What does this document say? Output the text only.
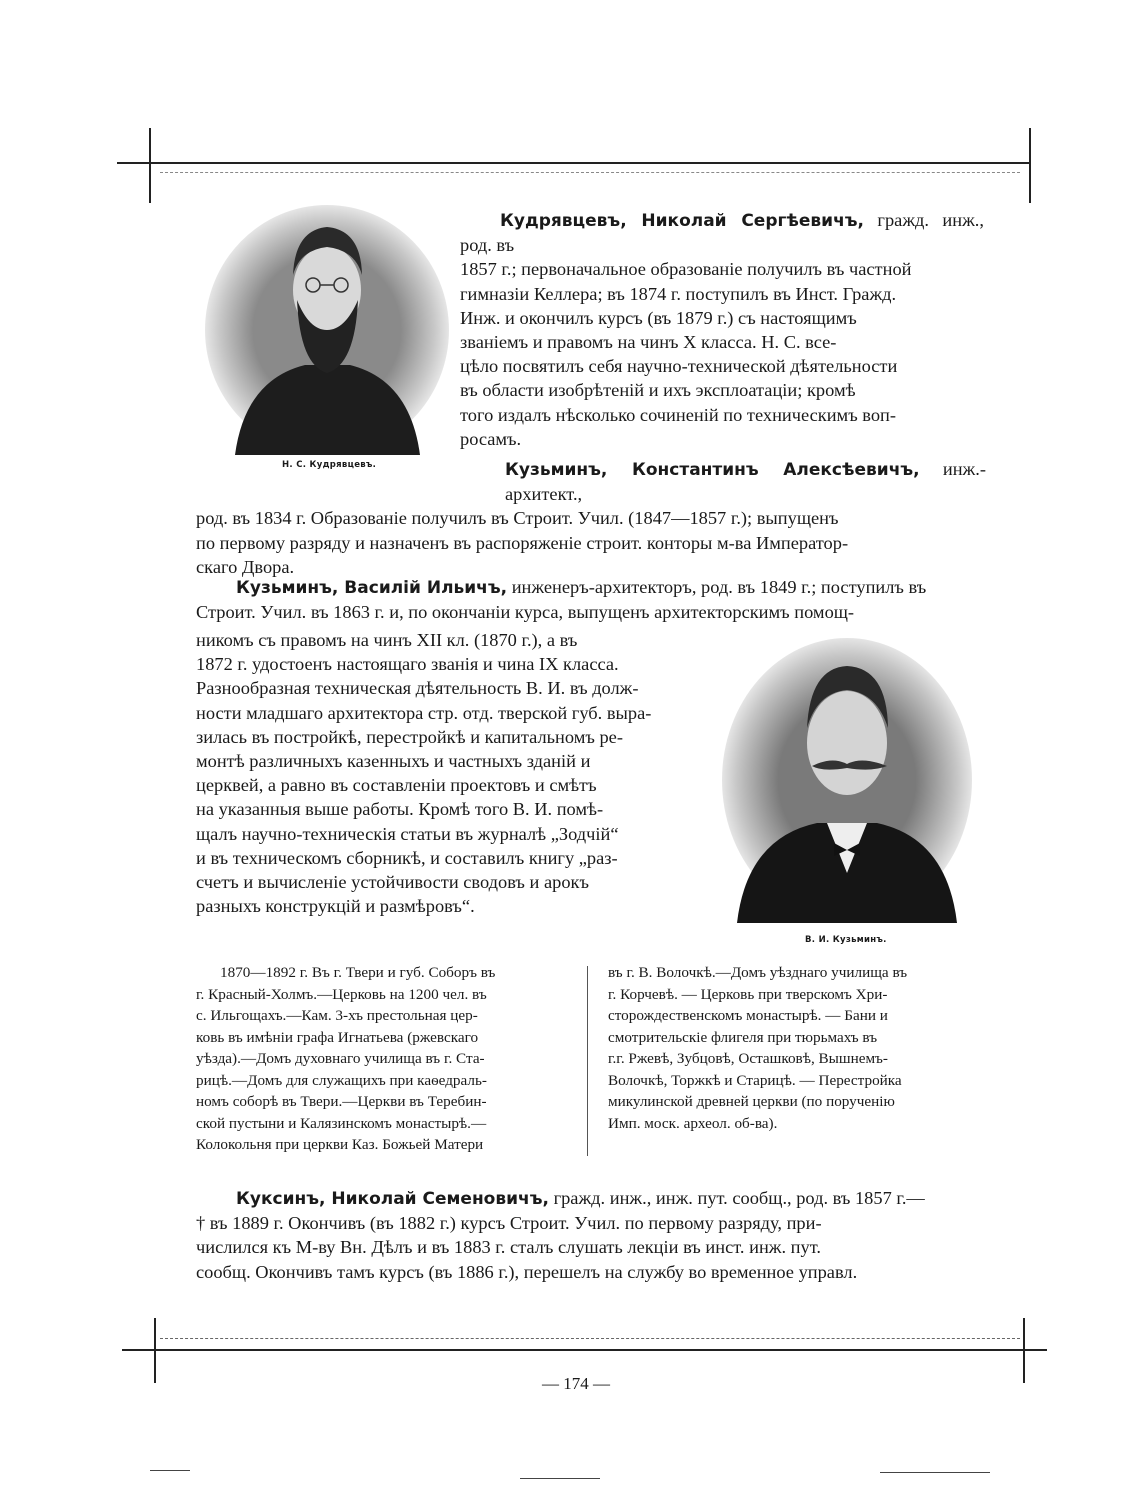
Н. С. Кудрявцевъ.

Кудрявцевъ, Николай Сергѣевичъ, гражд. инж., род. въ
1857 г.; первоначальное образованіе получилъ въ частной
гимназіи Келлера; въ 1874 г. поступилъ въ Инст. Гражд.
Инж. и окончилъ курсъ (въ 1879 г.) съ настоящимъ
званіемъ и правомъ на чинъ X класса. Н. С. все-
цѣло посвятилъ себя научно-технической дѣятельности
въ области изобрѣтеній и ихъ эксплоатаціи; кромѣ
того издалъ нѣсколько сочиненій по техническимъ воп-
росамъ.

Кузьминъ, Константинъ Алексѣевичъ, инж.-архитект.,
род. въ 1834 г. Образованіе получилъ въ Строит. Учил. (1847—1857 г.); выпущенъ
по первому разряду и назначенъ въ распоряженіе строит. конторы м-ва Император-
скаго Двора.

Кузьминъ, Василій Ильичъ, инженеръ-архитекторъ, род. въ 1849 г.; поступилъ въ
Строит. Учил. въ 1863 г. и, по окончаніи курса, выпущенъ архитекторскимъ помощ-

никомъ съ правомъ на чинъ XII кл. (1870 г.), а въ
1872 г. удостоенъ настоящаго званія и чина IX класса.
Разнообразная техническая дѣятельность В. И. въ долж-
ности младшаго архитектора стр. отд. тверской губ. выра-
зилась въ постройкѣ, перестройкѣ и капитальномъ ре-
монтѣ различныхъ казенныхъ и частныхъ зданій и
церквей, а равно въ составленіи проектовъ и смѣтъ
на указанныя выше работы. Кромѣ того В. И. помѣ-
щалъ научно-техническія статьи въ журналѣ „Зодчій“
и въ техническомъ сборникѣ, и составилъ книгу „раз-
счетъ и вычисленіе устойчивости сводовъ и арокъ
разныхъ конструкцій и размѣровъ“.

В. И. Кузьминъ.
1870—1892 г. Въ г. Твери и губ. Соборъ въ
г. Красный-Холмъ.—Церковь на 1200 чел. въ
с. Ильгощахъ.—Кам. 3-хъ престольная цер-
ковь въ имѣніи графа Игнатьева (ржевскаго
уѣзда).—Домъ духовнаго училища въ г. Ста-
рицѣ.—Домъ для служащихъ при каѳедраль-
номъ соборѣ въ Твери.—Церкви въ Теребин-
ской пустыни и Калязинскомъ монастырѣ.—
Колокольня при церкви Каз. Божьей Матери
въ г. В. Волочкѣ.—Домъ уѣзднаго училища въ
г. Корчевѣ. — Церковь при тверскомъ Хри-
сторождественскомъ монастырѣ. — Бани и
смотрительскіе флигеля при тюрьмахъ въ
г.г. Ржевѣ, Зубцовѣ, Осташковѣ, Вышнемъ-
Волочкѣ, Торжкѣ и Старицѣ. — Перестройка
микулинской древней церкви (по порученію
Имп. моск. археол. об-ва).

Куксинъ, Николай Семеновичъ, гражд. инж., инж. пут. сообщ., род. въ 1857 г.—
† въ 1889 г. Окончивъ (въ 1882 г.) курсъ Строит. Учил. по первому разряду, при-
числился къ М-ву Вн. Дѣлъ и въ 1883 г. сталъ слушать лекціи въ инст. инж. пут.
сообщ. Окончивъ тамъ курсъ (въ 1886 г.), перешелъ на службу во временное управл.

— 174 —
